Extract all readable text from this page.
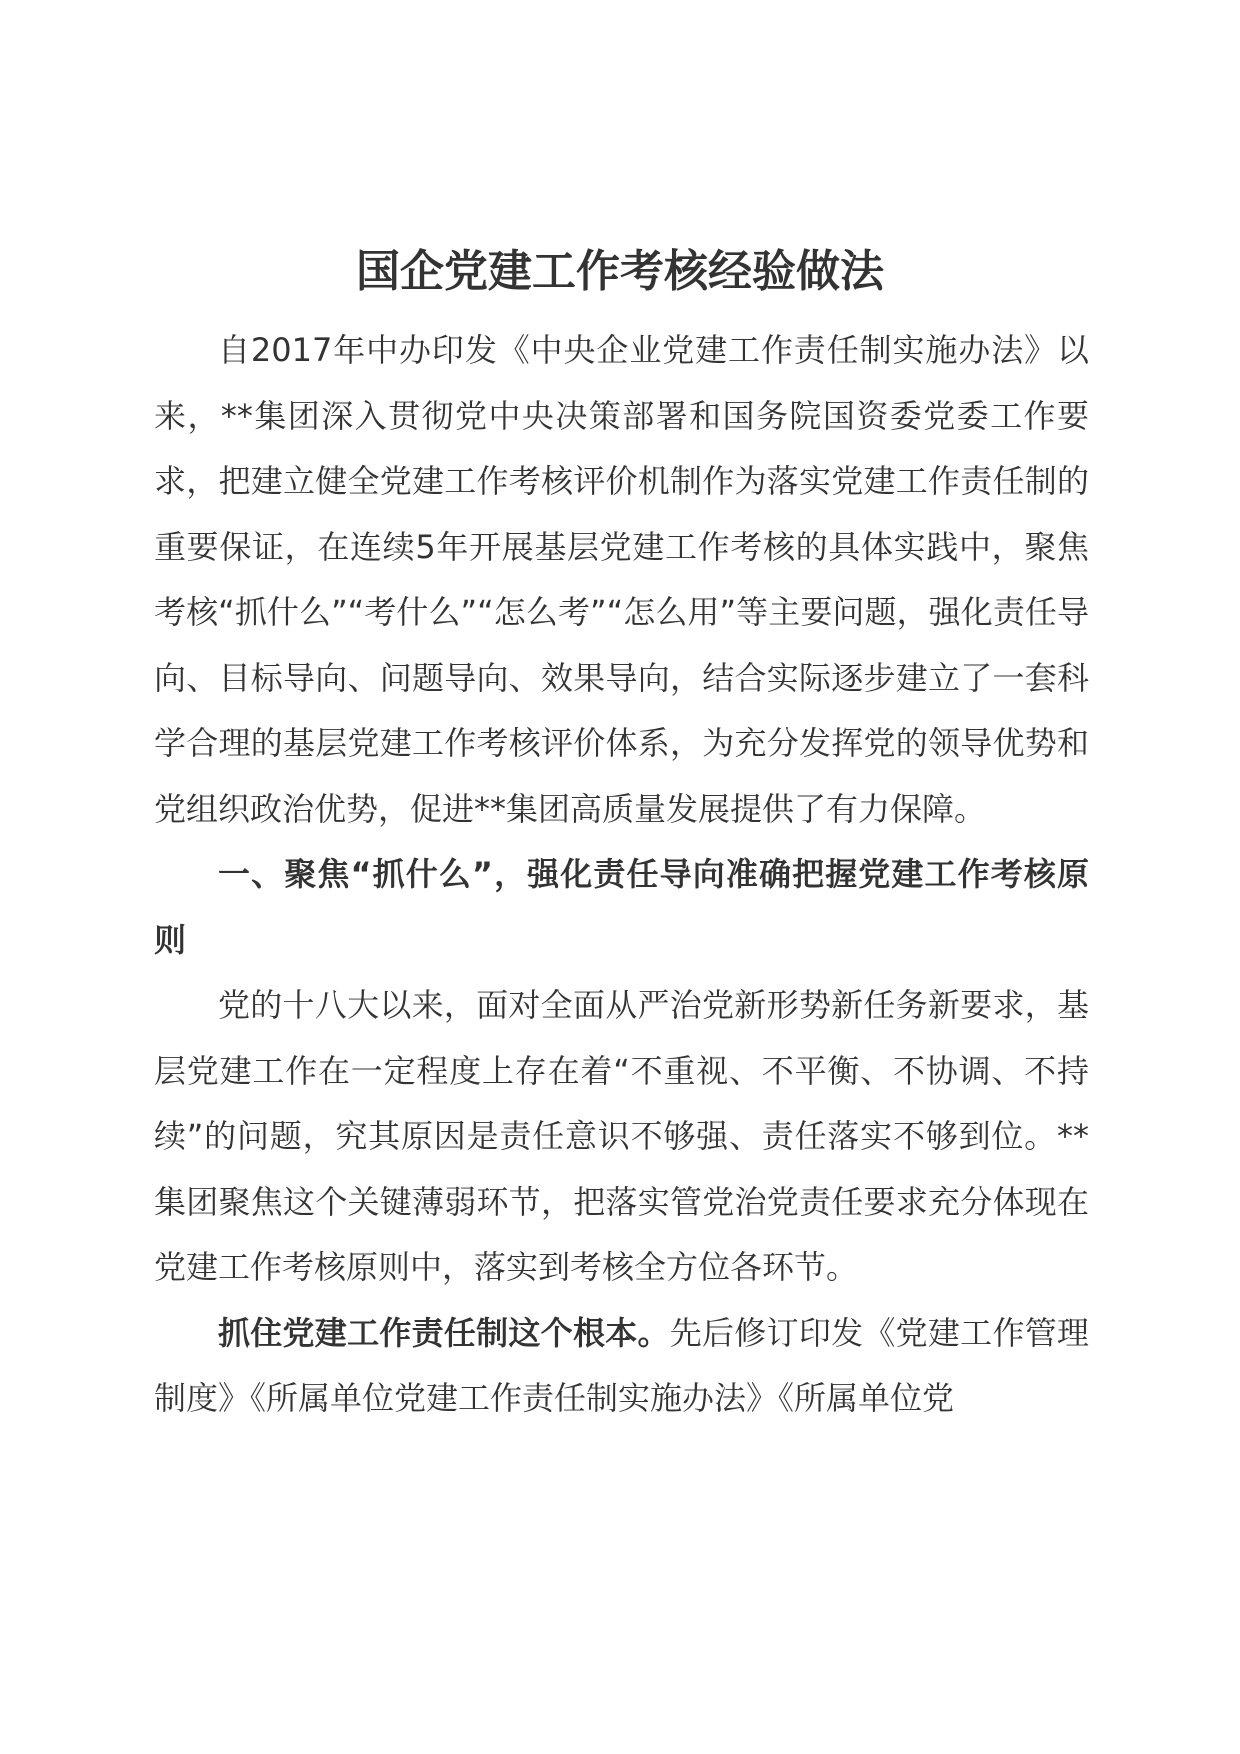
国企党建工作考核经验做法

自2017年中办印发《中央企业党建工作责任制实施办法》以来，**集团深入贯彻党中央决策部署和国务院国资委党委工作要求，把建立健全党建工作考核评价机制作为落实党建工作责任制的重要保证，在连续5年开展基层党建工作考核的具体实践中，聚焦考核“抓什么”“考什么”“怎么考”“怎么用”等主要问题，强化责任导向、目标导向、问题导向、效果导向，结合实际逐步建立了一套科学合理的基层党建工作考核评价体系，为充分发挥党的领导优势和党组织政治优势，促进**集团高质量发展提供了有力保障。

一、聚焦“抓什么”，强化责任导向准确把握党建工作考核原则

党的十八大以来，面对全面从严治党新形势新任务新要求，基层党建工作在一定程度上存在着“不重视、不平衡、不协调、不持续”的问题，究其原因是责任意识不够强、责任落实不够到位。**集团聚焦这个关键薄弱环节，把落实管党治党责任要求充分体现在党建工作考核原则中，落实到考核全方位各环节。

抓住党建工作责任制这个根本。先后修订印发《党建工作管理制度》《所属单位党建工作责任制实施办法》《所属单位党
